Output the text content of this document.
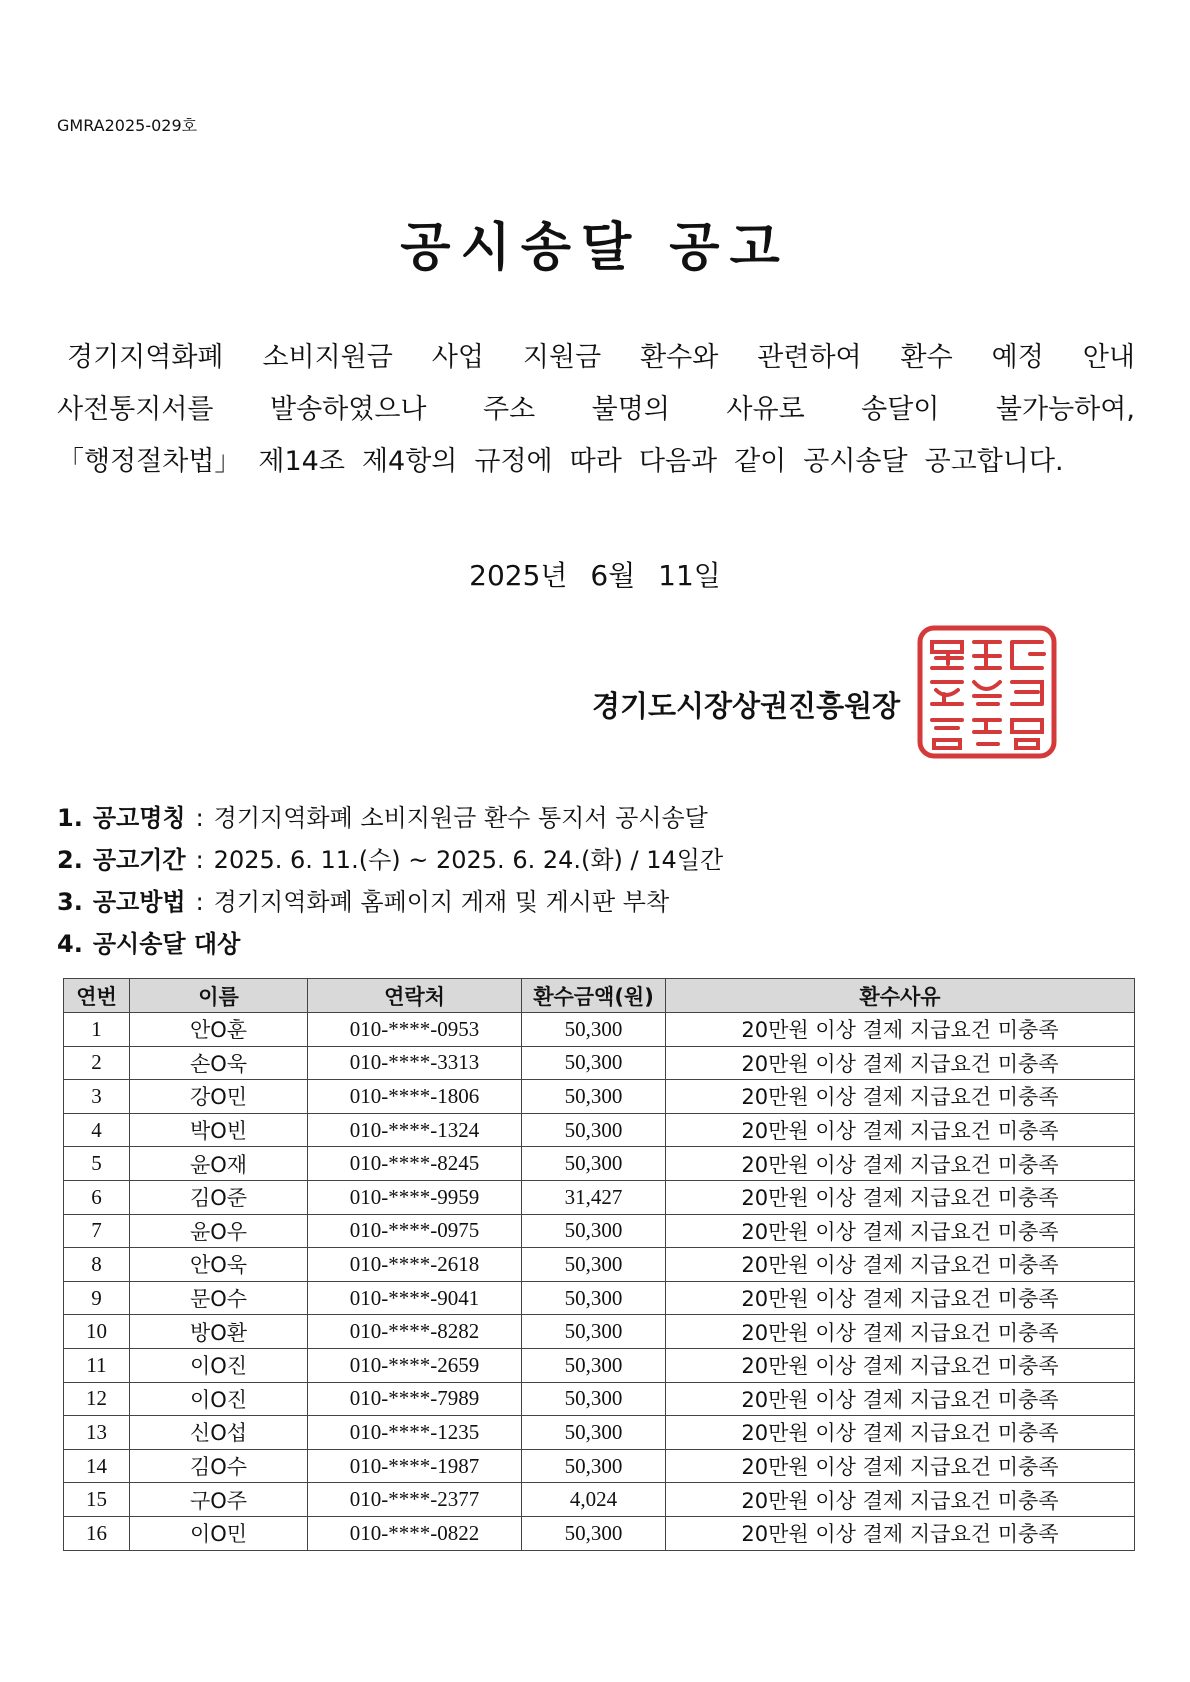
GMRA2025-029호
공시송달 공고
경기지역화폐 소비지원금 사업 지원금 환수와 관련하여 환수 예정 안내
사전통지서를 발송하였으나 주소 불명의 사유로 송달이 불가능하여,
「행정절차법」 제14조 제4항의 규정에 따라 다음과 같이 공시송달 공고합니다.
2025년 6월 11일
경기도시장상권진흥원장
1. 공고명칭 : 경기지역화폐 소비지원금 환수 통지서 공시송달
2. 공고기간 : 2025. 6. 11.(수) ~ 2025. 6. 24.(화) / 14일간
3. 공고방법 : 경기지역화폐 홈페이지 게재 및 게시판 부착
4. 공시송달 대상
연번	이름	연락처	환수금액(원)	환수사유
1	안O훈	010-****-0953	50,300	20만원 이상 결제 지급요건 미충족
2	손O욱	010-****-3313	50,300	20만원 이상 결제 지급요건 미충족
3	강O민	010-****-1806	50,300	20만원 이상 결제 지급요건 미충족
4	박O빈	010-****-1324	50,300	20만원 이상 결제 지급요건 미충족
5	윤O재	010-****-8245	50,300	20만원 이상 결제 지급요건 미충족
6	김O준	010-****-9959	31,427	20만원 이상 결제 지급요건 미충족
7	윤O우	010-****-0975	50,300	20만원 이상 결제 지급요건 미충족
8	안O욱	010-****-2618	50,300	20만원 이상 결제 지급요건 미충족
9	문O수	010-****-9041	50,300	20만원 이상 결제 지급요건 미충족
10	방O환	010-****-8282	50,300	20만원 이상 결제 지급요건 미충족
11	이O진	010-****-2659	50,300	20만원 이상 결제 지급요건 미충족
12	이O진	010-****-7989	50,300	20만원 이상 결제 지급요건 미충족
13	신O섭	010-****-1235	50,300	20만원 이상 결제 지급요건 미충족
14	김O수	010-****-1987	50,300	20만원 이상 결제 지급요건 미충족
15	구O주	010-****-2377	4,024	20만원 이상 결제 지급요건 미충족
16	이O민	010-****-0822	50,300	20만원 이상 결제 지급요건 미충족
